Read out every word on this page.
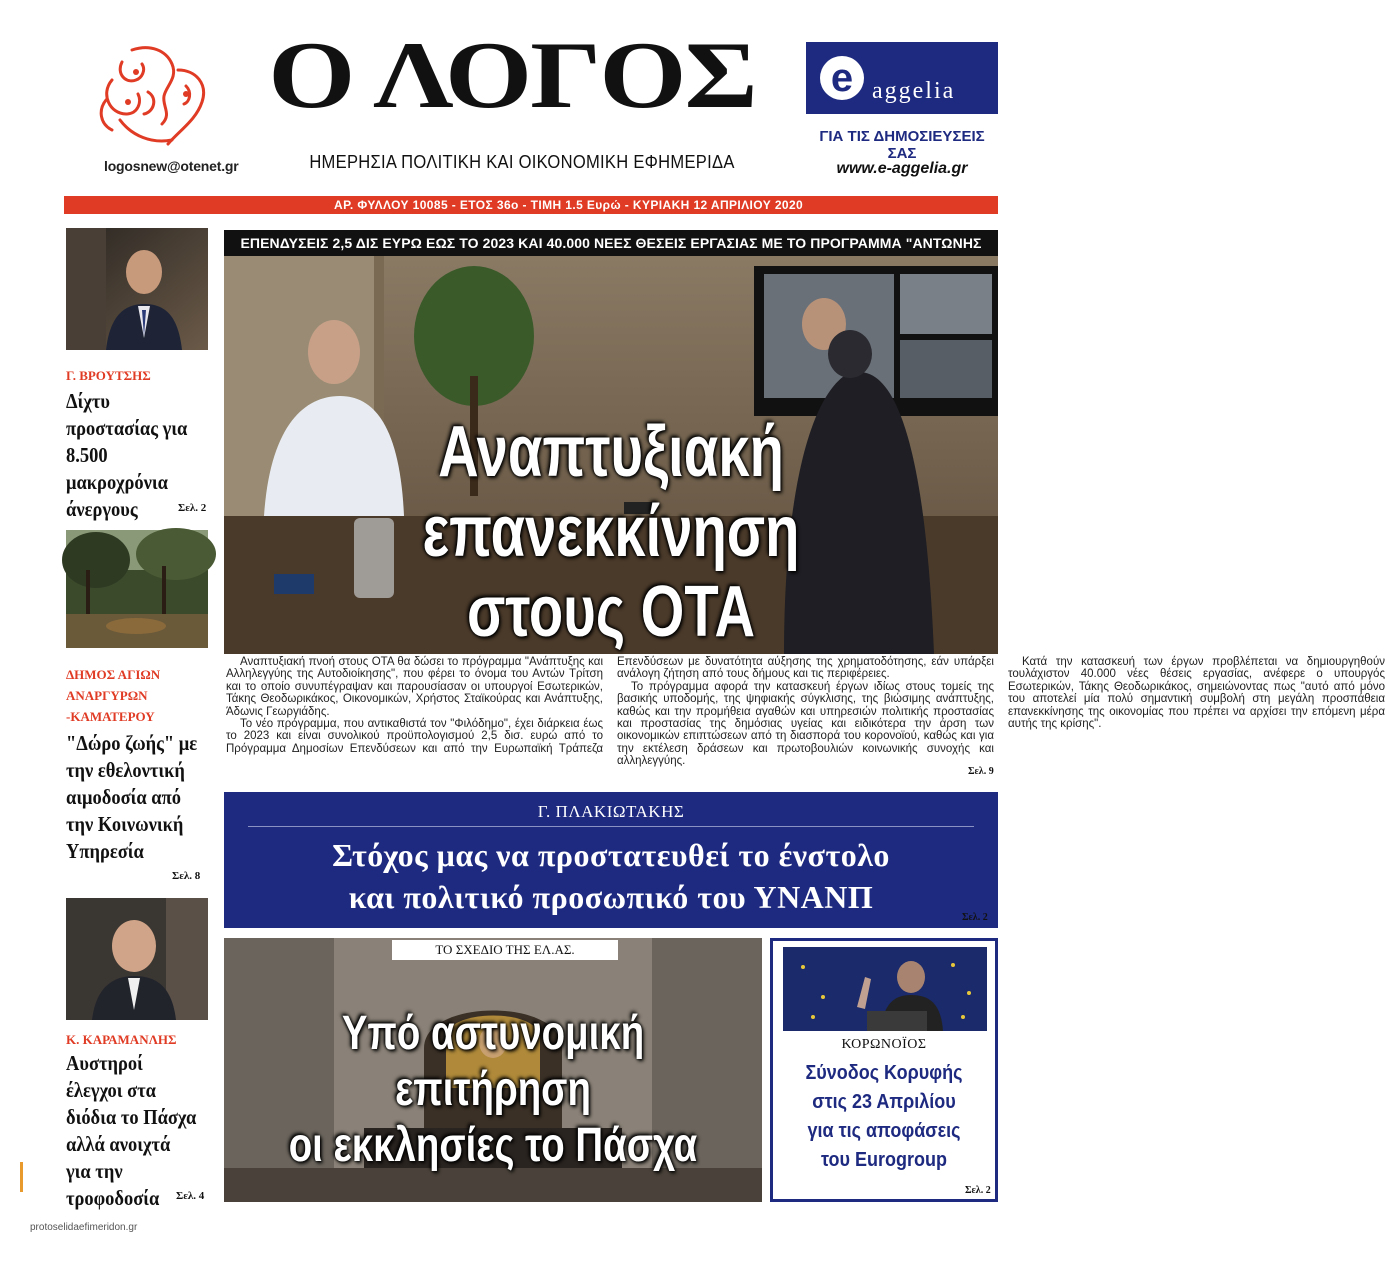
logosnew@otenet.gr
Ο ΛΟΓΟΣ
ΗΜΕΡΗΣΙΑ ΠΟΛΙΤΙΚΗ ΚΑΙ ΟΙΚΟΝΟΜΙΚΗ ΕΦΗΜΕΡΙΔΑ
e aggelia
ΓΙΑ ΤΙΣ ΔΗΜΟΣΙΕΥΣΕΙΣ ΣΑΣ
www.e-aggelia.gr
ΑΡ. ΦΥΛΛΟΥ 10085 - ΕΤΟΣ 36ο - ΤΙΜΗ 1.5 Ευρώ - ΚΥΡΙΑΚΗ 12 ΑΠΡΙΛΙΟΥ 2020
Γ. ΒΡΟΥΤΣΗΣ
Δίχτυ προστασίας για 8.500 μακροχρόνια άνεργους	Σελ. 2
ΔΗΜΟΣ ΑΓΙΩΝ ΑΝΑΡΓΥΡΩΝ -ΚΑΜΑΤΕΡΟΥ
"Δώρο ζωής" με την εθελοντική αιμοδοσία από την Κοινωνική Υπηρεσία
Σελ. 8
Κ. ΚΑΡΑΜΑΝΛΗΣ
Αυστηροί έλεγχοι στα διόδια το Πάσχα αλλά ανοιχτά για την τροφοδοσία	Σελ. 4
ΕΠΕΝΔΥΣΕΙΣ 2,5 ΔΙΣ ΕΥΡΩ ΕΩΣ ΤΟ 2023 ΚΑΙ 40.000 ΝΕΕΣ ΘΕΣΕΙΣ ΕΡΓΑΣΙΑΣ ΜΕ ΤΟ ΠΡΟΓΡΑΜΜΑ "ΑΝΤΩΝΗΣ
Αναπτυξιακή επανεκκίνηση
στους ΟΤΑ

Αναπτυξιακή πνοή στους ΟΤΑ θα δώσει το πρόγραμμα "Ανάπτυξης και Αλληλεγγύης της Αυτοδιοίκησης", που φέρει το όνομα του Αντών Τρίτση και το οποίο συνυπέγραψαν και παρουσίασαν οι υπουργοί Εσωτερικών, Τάκης Θεοδωρικάκος, Οικονομικών, Χρήστος Σταϊκούρας και Ανάπτυξης, Άδωνις Γεωργιάδης.

Το νέο πρόγραμμα, που αντικαθιστά τον "Φιλόδημο", έχει διάρκεια έως το 2023 και είναι συνολικού προϋπολογισμού 2,5 δισ. ευρώ από το Πρόγραμμα Δημοσίων Επενδύσεων και από την Ευρωπαϊκή Τράπεζα Επενδύσεων με δυνατότητα αύξησης της χρηματοδότησης, εάν υπάρξει ανάλογη ζήτηση από τους δήμους και τις περιφέρειες.

Το πρόγραμμα αφορά την κατασκευή έργων ιδίως στους τομείς της βασικής υποδομής, της ψηφιακής σύγκλισης, της βιώσιμης ανάπτυξης, καθώς και την προμήθεια αγαθών και υπηρεσιών πολιτικής προστασίας και προστασίας της δημόσιας υγείας και ειδικότερα την άρση των οικονομικών επιπτώσεων από τη διασπορά του κορονοϊού, καθώς και για την εκτέλεση δράσεων και πρωτοβουλιών κοινωνικής συνοχής και αλληλεγγύης.

Κατά την κατασκευή των έργων προβλέπεται να δημιουργηθούν τουλάχιστον 40.000 νέες θέσεις εργασίας, ανέφερε ο υπουργός Εσωτερικών, Τάκης Θεοδωρικάκος, σημειώνοντας πως "αυτό από μόνο του αποτελεί μία πολύ σημαντική συμβολή στη μεγάλη προσπάθεια επανεκκίνησης της οικονομίας που πρέπει να αρχίσει την επόμενη μέρα αυτής της κρίσης".

Σελ. 9
Γ. ΠΛΑΚΙΩΤΑΚΗΣ
Στόχος μας να προστατευθεί το ένστολο
και πολιτικό προσωπικό του ΥΝΑΝΠ
Σελ. 2
ΤΟ ΣΧΕΔΙΟ ΤΗΣ ΕΛ.ΑΣ.
Υπό αστυνομική επιτήρηση
οι εκκλησίες το Πάσχα
ΚΟΡΩΝΟΪΟΣ
Σύνοδος Κορυφής
στις 23 Απριλίου
για τις αποφάσεις
του Eurogroup
Σελ. 2
protoselidaefimeridon.gr
